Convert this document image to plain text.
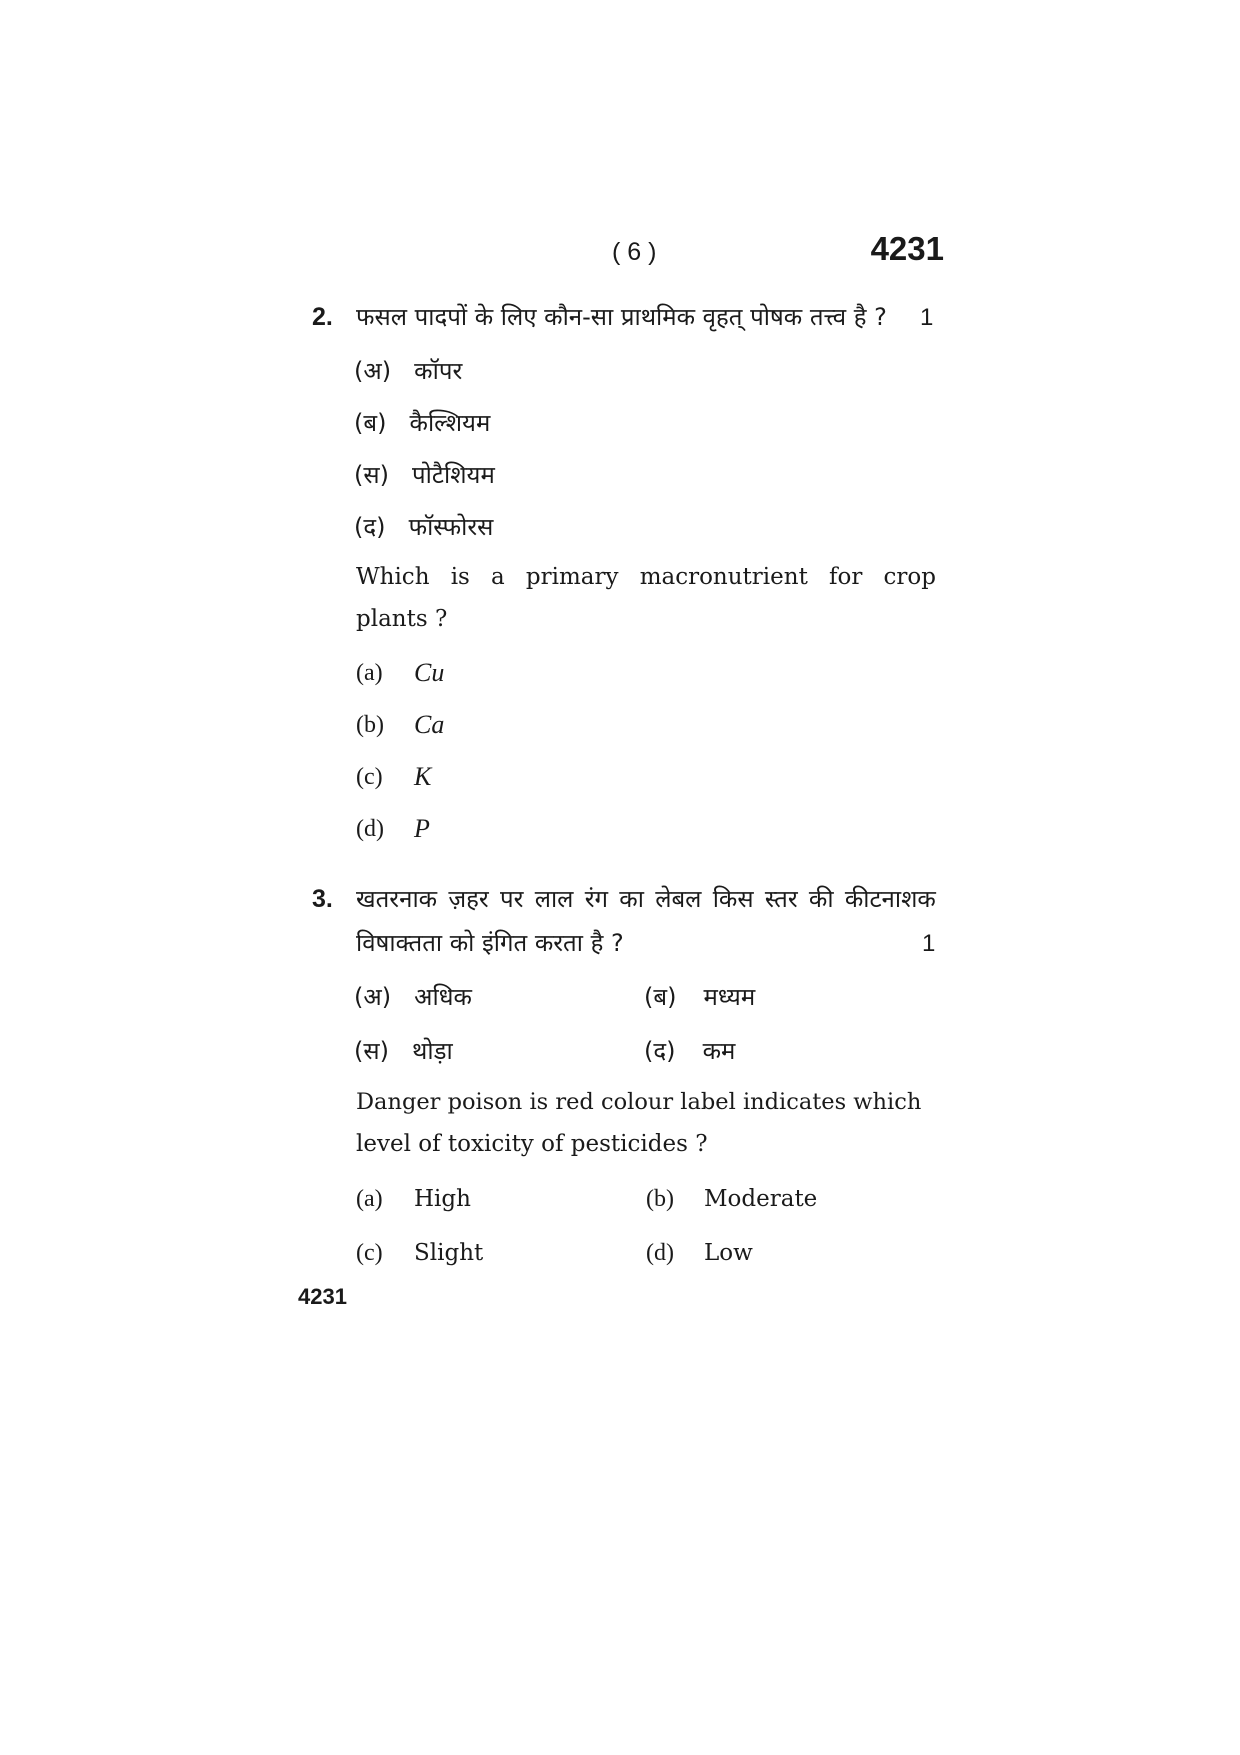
( 6 )	4231
2. फसल पादपों के लिए कौन-सा प्राथमिक वृहत् पोषक तत्त्व है ? 1
(अ) कॉपर
(ब) कैल्शियम
(स) पोटैशियम
(द) फॉस्फोरस
Which is a primary macronutrient for crop
plants ?
(a) Cu
(b) Ca
(c) K
(d) P
3. खतरनाक ज़हर पर लाल रंग का लेबल किस स्तर की कीटनाशक
विषाक्तता को इंगित करता है ?	1
(अ) अधिक	(ब) मध्यम
(स) थोड़ा	(द) कम
Danger poison is red colour label indicates which
level of toxicity of pesticides ?
(a) High	(b) Moderate
(c) Slight	(d) Low
4231
